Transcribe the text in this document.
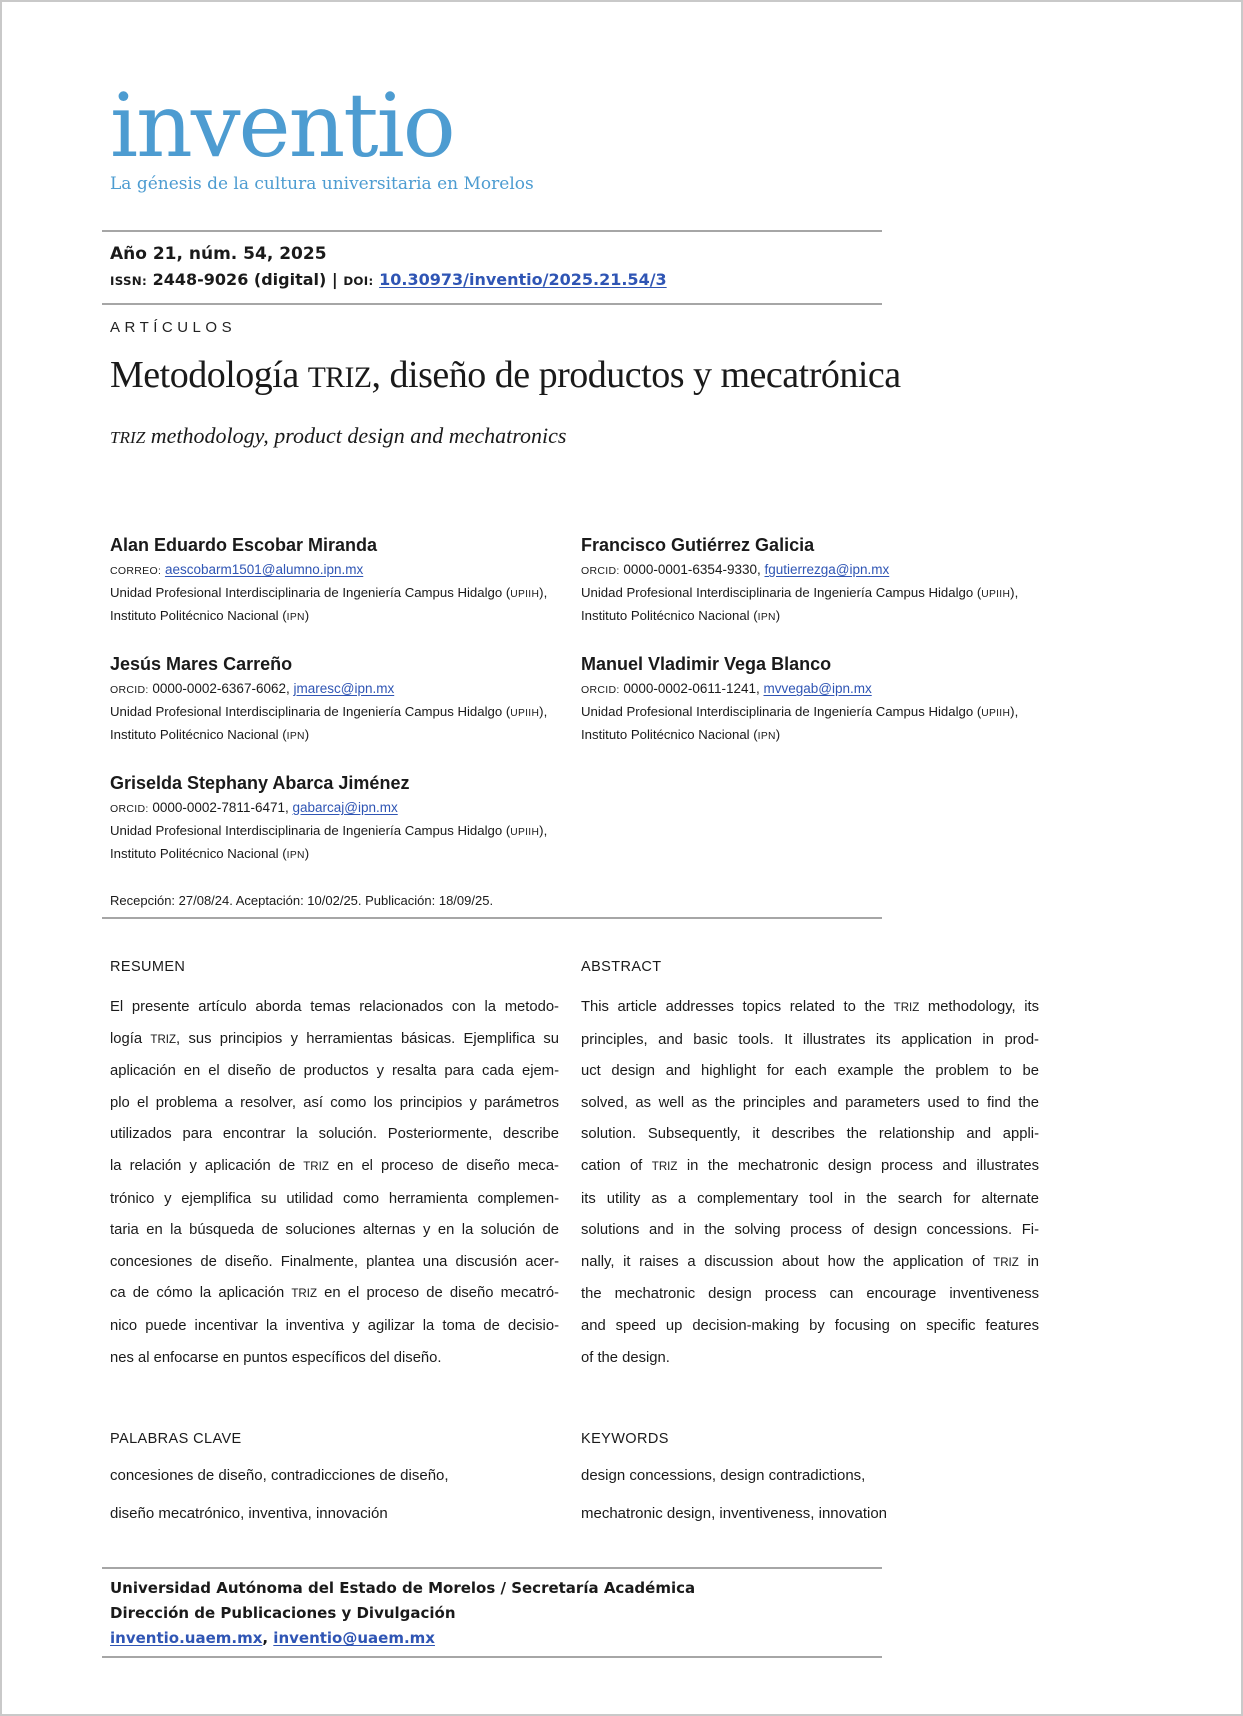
inventio
La génesis de la cultura universitaria en Morelos
Año 21, núm. 54, 2025
ISSN: 2448-9026 (digital) | DOI: 10.30973/inventio/2025.21.54/3
ARTÍCULOS
Metodología TRIZ, diseño de productos y mecatrónica
TRIZ methodology, product design and mechatronics
Alan Eduardo Escobar Miranda
CORREO: aescobarm1501@alumno.ipn.mx
Unidad Profesional Interdisciplinaria de Ingeniería Campus Hidalgo (UPIIH),
Instituto Politécnico Nacional (IPN)
Francisco Gutiérrez Galicia
ORCID: 0000-0001-6354-9330, fgutierrezga@ipn.mx
Unidad Profesional Interdisciplinaria de Ingeniería Campus Hidalgo (UPIIH),
Instituto Politécnico Nacional (IPN)
Jesús Mares Carreño
ORCID: 0000-0002-6367-6062, jmaresc@ipn.mx
Unidad Profesional Interdisciplinaria de Ingeniería Campus Hidalgo (UPIIH),
Instituto Politécnico Nacional (IPN)
Manuel Vladimir Vega Blanco
ORCID: 0000-0002-0611-1241, mvvegab@ipn.mx
Unidad Profesional Interdisciplinaria de Ingeniería Campus Hidalgo (UPIIH),
Instituto Politécnico Nacional (IPN)
Griselda Stephany Abarca Jiménez
ORCID: 0000-0002-7811-6471, gabarcaj@ipn.mx
Unidad Profesional Interdisciplinaria de Ingeniería Campus Hidalgo (UPIIH),
Instituto Politécnico Nacional (IPN)
Recepción: 27/08/24. Aceptación: 10/02/25. Publicación: 18/09/25.
RESUMEN
El presente artículo aborda temas relacionados con la metodo-
logía TRIZ, sus principios y herramientas básicas. Ejemplifica su
aplicación en el diseño de productos y resalta para cada ejem-
plo el problema a resolver, así como los principios y parámetros
utilizados para encontrar la solución. Posteriormente, describe
la relación y aplicación de TRIZ en el proceso de diseño meca-
trónico y ejemplifica su utilidad como herramienta complemen-
taria en la búsqueda de soluciones alternas y en la solución de
concesiones de diseño. Finalmente, plantea una discusión acer-
ca de cómo la aplicación TRIZ en el proceso de diseño mecatró-
nico puede incentivar la inventiva y agilizar la toma de decisio-
nes al enfocarse en puntos específicos del diseño.
ABSTRACT
This article addresses topics related to the TRIZ methodology, its
principles, and basic tools. It illustrates its application in prod-
uct design and highlight for each example the problem to be
solved, as well as the principles and parameters used to find the
solution. Subsequently, it describes the relationship and appli-
cation of TRIZ in the mechatronic design process and illustrates
its utility as a complementary tool in the search for alternate
solutions and in the solving process of design concessions. Fi-
nally, it raises a discussion about how the application of TRIZ in
the mechatronic design process can encourage inventiveness
and speed up decision-making by focusing on specific features
of the design.
PALABRAS CLAVE
concesiones de diseño, contradicciones de diseño,
diseño mecatrónico, inventiva, innovación
KEYWORDS
design concessions, design contradictions,
mechatronic design, inventiveness, innovation
Universidad Autónoma del Estado de Morelos / Secretaría Académica
Dirección de Publicaciones y Divulgación
inventio.uaem.mx, inventio@uaem.mx
